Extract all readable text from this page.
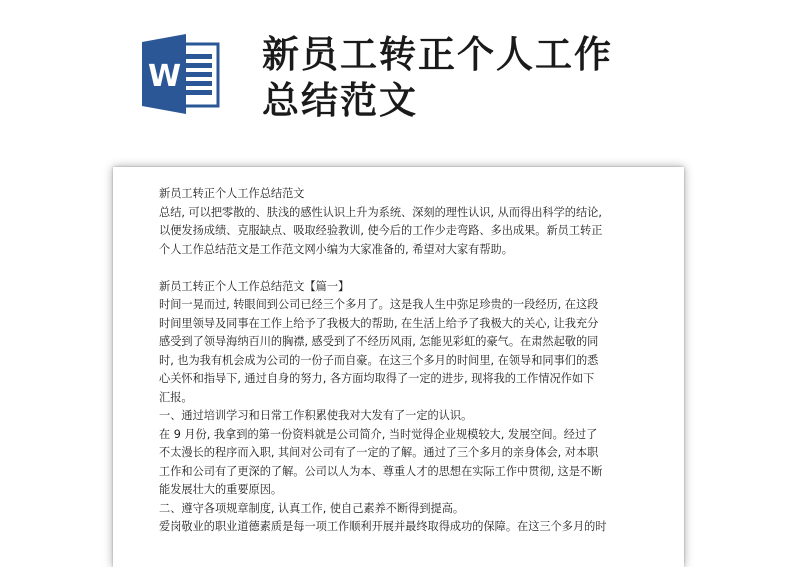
W
新员工转正个人工作
总结范文
新员工转正个人工作总结范文
总结, 可以把零散的、肤浅的感性认识上升为系统、深刻的理性认识, 从而得出科学的结论,
以便发扬成绩、克服缺点、吸取经验教训, 使今后的工作少走弯路、多出成果。新员工转正
个人工作总结范文是工作范文网小编为大家准备的, 希望对大家有帮助。
新员工转正个人工作总结范文【篇一】
时间一晃而过, 转眼间到公司已经三个多月了。这是我人生中弥足珍贵的一段经历, 在这段
时间里领导及同事在工作上给予了我极大的帮助, 在生活上给予了我极大的关心, 让我充分
感受到了领导海纳百川的胸襟, 感受到了不经历风雨, 怎能见彩虹的豪气。在肃然起敬的同
时, 也为我有机会成为公司的一份子而自豪。在这三个多月的时间里, 在领导和同事们的悉
心关怀和指导下, 通过自身的努力, 各方面均取得了一定的进步, 现将我的工作情况作如下
汇报。
一、通过培训学习和日常工作积累使我对大发有了一定的认识。
在 9 月份, 我拿到的第一份资料就是公司简介, 当时觉得企业规模较大, 发展空间。经过了
不太漫长的程序而入职, 其间对公司有了一定的了解。通过了三个多月的亲身体会, 对本职
工作和公司有了更深的了解。公司以人为本、尊重人才的思想在实际工作中贯彻, 这是不断
能发展壮大的重要原因。
二、遵守各项规章制度, 认真工作, 使自己素养不断得到提高。
爱岗敬业的职业道德素质是每一项工作顺利开展并最终取得成功的保障。在这三个多月的时
